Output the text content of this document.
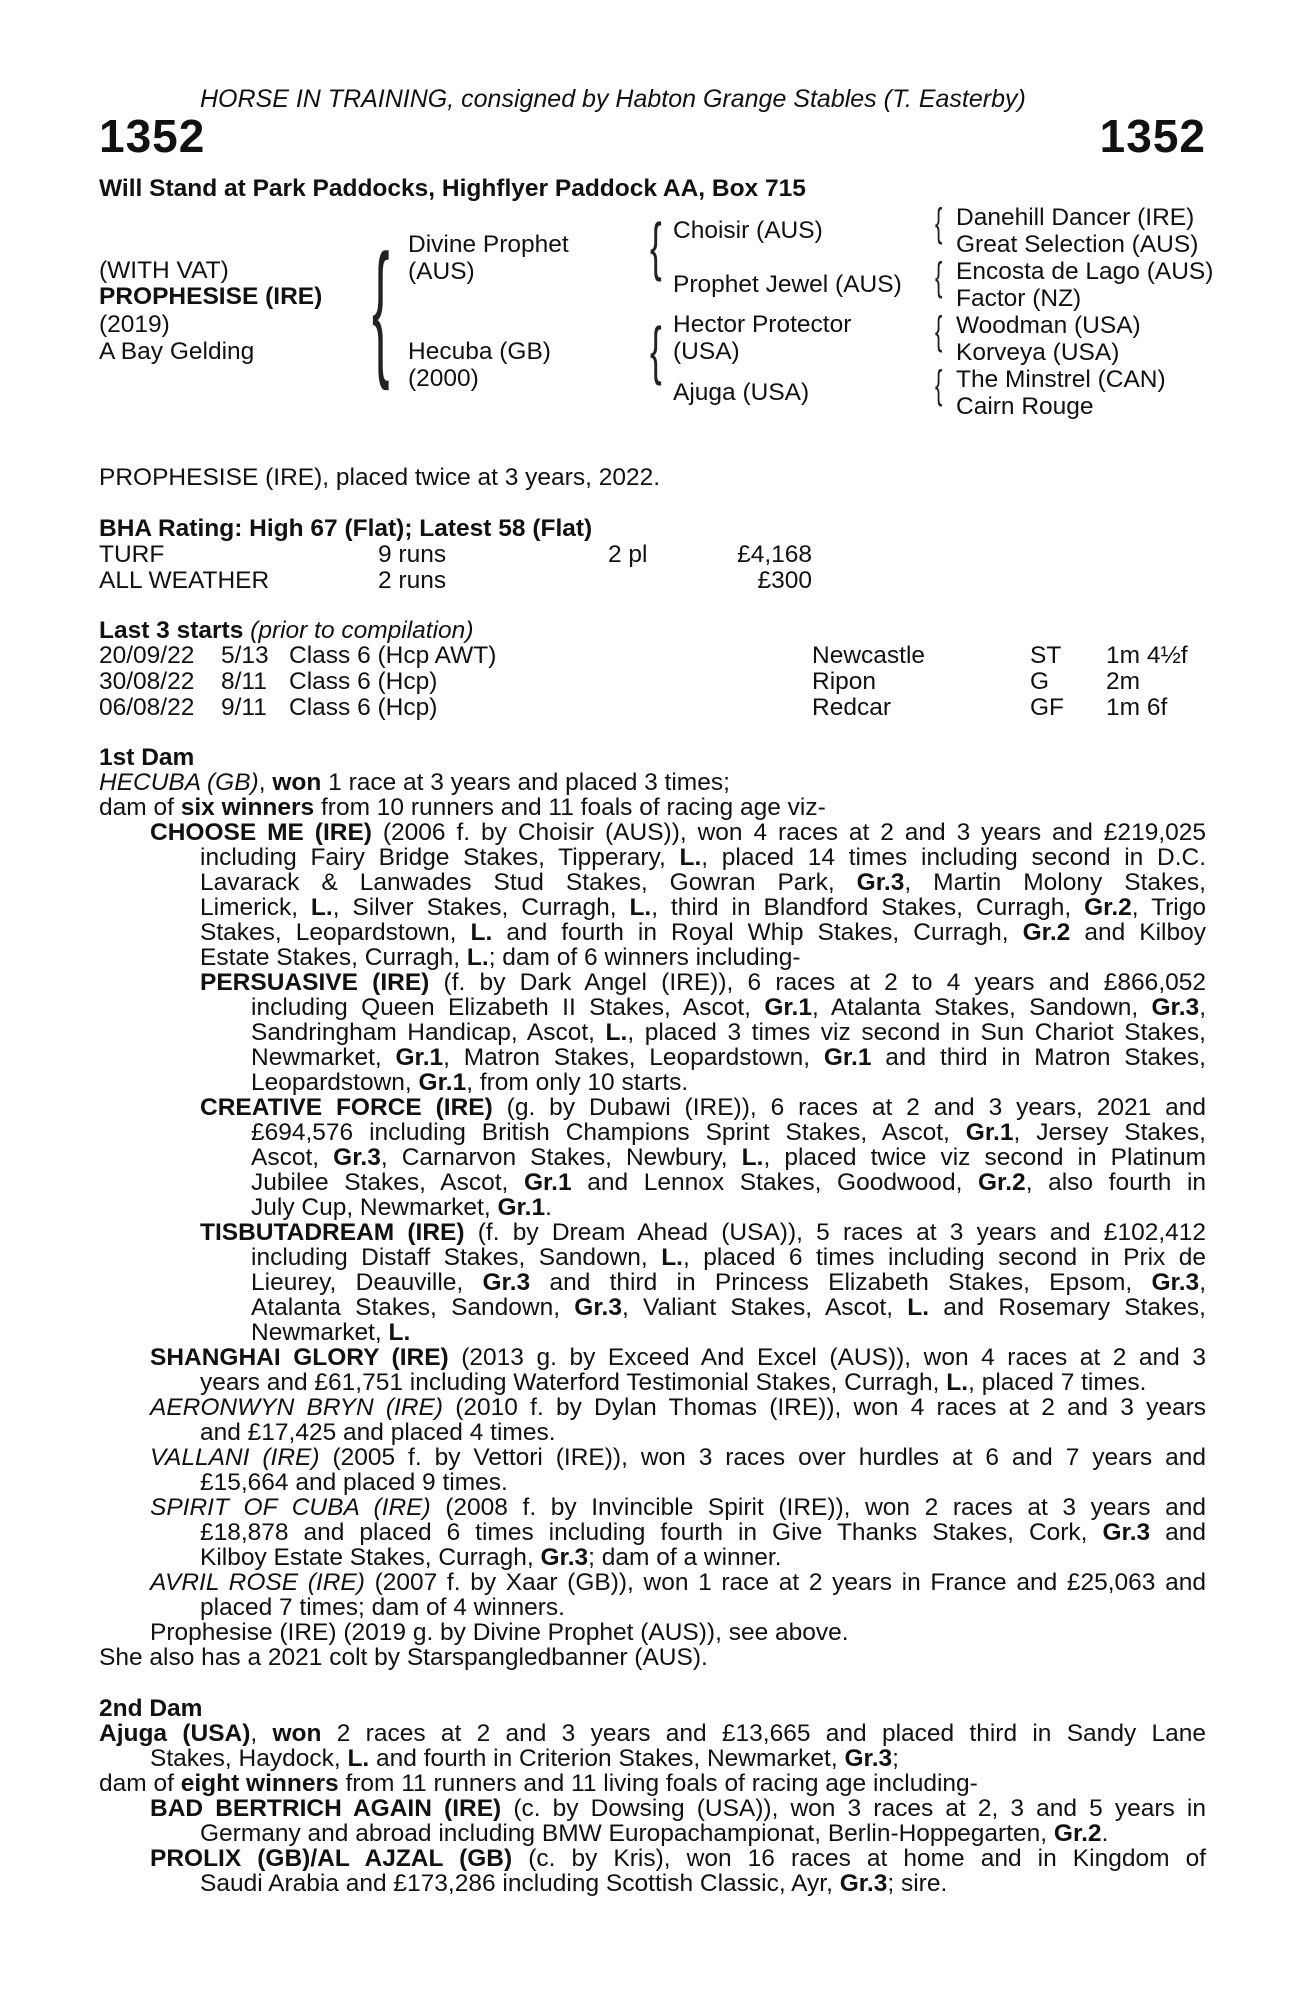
HORSE IN TRAINING, consigned by Habton Grange Stables (T. Easterby)
1352	1352
Will Stand at Park Paddocks, Highflyer Paddock AA, Box 715
(WITH VAT)
PROPHESISE (IRE)
(2019)
A Bay Gelding { Divine Prophet
(AUS)
Hecuba (GB)
(2000)
{
{
Choisir (AUS)
Prophet Jewel (AUS)
Hector Protector
(USA)
Ajuga (USA)
{
{
{
{
Danehill Dancer (IRE)
Great Selection (AUS)
Encosta de Lago (AUS)
Factor (NZ)
Woodman (USA)
Korveya (USA)
The Minstrel (CAN)
Cairn Rouge
PROPHESISE (IRE), placed twice at 3 years, 2022.
BHA Rating: High 67 (Flat); Latest 58 (Flat)
TURF	9 runs	2 pl	£4,168
ALL WEATHER	2 runs	£300
Last 3 starts (prior to compilation)
20/09/22 5/13 Class 6 (Hcp AWT)	Newcastle	ST 1m 4½f
30/08/22 8/11 Class 6 (Hcp)	Ripon	G 2m
06/08/22 9/11 Class 6 (Hcp)	Redcar	GF 1m 6f
1st Dam
HECUBA (GB), won 1 race at 3 years and placed 3 times;
dam of six winners from 10 runners and 11 foals of racing age viz-
CHOOSE ME (IRE) (2006 f. by Choisir (AUS)), won 4 races at 2 and 3 years and £219,025
including Fairy Bridge Stakes, Tipperary, L., placed 14 times including second in D.C.
Lavarack & Lanwades Stud Stakes, Gowran Park, Gr.3, Martin Molony Stakes,
Limerick, L., Silver Stakes, Curragh, L., third in Blandford Stakes, Curragh, Gr.2, Trigo
Stakes, Leopardstown, L. and fourth in Royal Whip Stakes, Curragh, Gr.2 and Kilboy
Estate Stakes, Curragh, L.; dam of 6 winners including-
PERSUASIVE (IRE) (f. by Dark Angel (IRE)), 6 races at 2 to 4 years and £866,052
including Queen Elizabeth II Stakes, Ascot, Gr.1, Atalanta Stakes, Sandown, Gr.3,
Sandringham Handicap, Ascot, L., placed 3 times viz second in Sun Chariot Stakes,
Newmarket, Gr.1, Matron Stakes, Leopardstown, Gr.1 and third in Matron Stakes,
Leopardstown, Gr.1, from only 10 starts.
CREATIVE FORCE (IRE) (g. by Dubawi (IRE)), 6 races at 2 and 3 years, 2021 and
£694,576 including British Champions Sprint Stakes, Ascot, Gr.1, Jersey Stakes,
Ascot, Gr.3, Carnarvon Stakes, Newbury, L., placed twice viz second in Platinum
Jubilee Stakes, Ascot, Gr.1 and Lennox Stakes, Goodwood, Gr.2, also fourth in
July Cup, Newmarket, Gr.1.
TISBUTADREAM (IRE) (f. by Dream Ahead (USA)), 5 races at 3 years and £102,412
including Distaff Stakes, Sandown, L., placed 6 times including second in Prix de
Lieurey, Deauville, Gr.3 and third in Princess Elizabeth Stakes, Epsom, Gr.3,
Atalanta Stakes, Sandown, Gr.3, Valiant Stakes, Ascot, L. and Rosemary Stakes,
Newmarket, L.
SHANGHAI GLORY (IRE) (2013 g. by Exceed And Excel (AUS)), won 4 races at 2 and 3
years and £61,751 including Waterford Testimonial Stakes, Curragh, L., placed 7 times.
AERONWYN BRYN (IRE) (2010 f. by Dylan Thomas (IRE)), won 4 races at 2 and 3 years
and £17,425 and placed 4 times.
VALLANI (IRE) (2005 f. by Vettori (IRE)), won 3 races over hurdles at 6 and 7 years and
£15,664 and placed 9 times.
SPIRIT OF CUBA (IRE) (2008 f. by Invincible Spirit (IRE)), won 2 races at 3 years and
£18,878 and placed 6 times including fourth in Give Thanks Stakes, Cork, Gr.3 and
Kilboy Estate Stakes, Curragh, Gr.3; dam of a winner.
AVRIL ROSE (IRE) (2007 f. by Xaar (GB)), won 1 race at 2 years in France and £25,063 and
placed 7 times; dam of 4 winners.
Prophesise (IRE) (2019 g. by Divine Prophet (AUS)), see above.
She also has a 2021 colt by Starspangledbanner (AUS).
2nd Dam
Ajuga (USA), won 2 races at 2 and 3 years and £13,665 and placed third in Sandy Lane
Stakes, Haydock, L. and fourth in Criterion Stakes, Newmarket, Gr.3;
dam of eight winners from 11 runners and 11 living foals of racing age including-
BAD BERTRICH AGAIN (IRE) (c. by Dowsing (USA)), won 3 races at 2, 3 and 5 years in
Germany and abroad including BMW Europachampionat, Berlin-Hoppegarten, Gr.2.
PROLIX (GB)/AL AJZAL (GB) (c. by Kris), won 16 races at home and in Kingdom of
Saudi Arabia and £173,286 including Scottish Classic, Ayr, Gr.3; sire.
